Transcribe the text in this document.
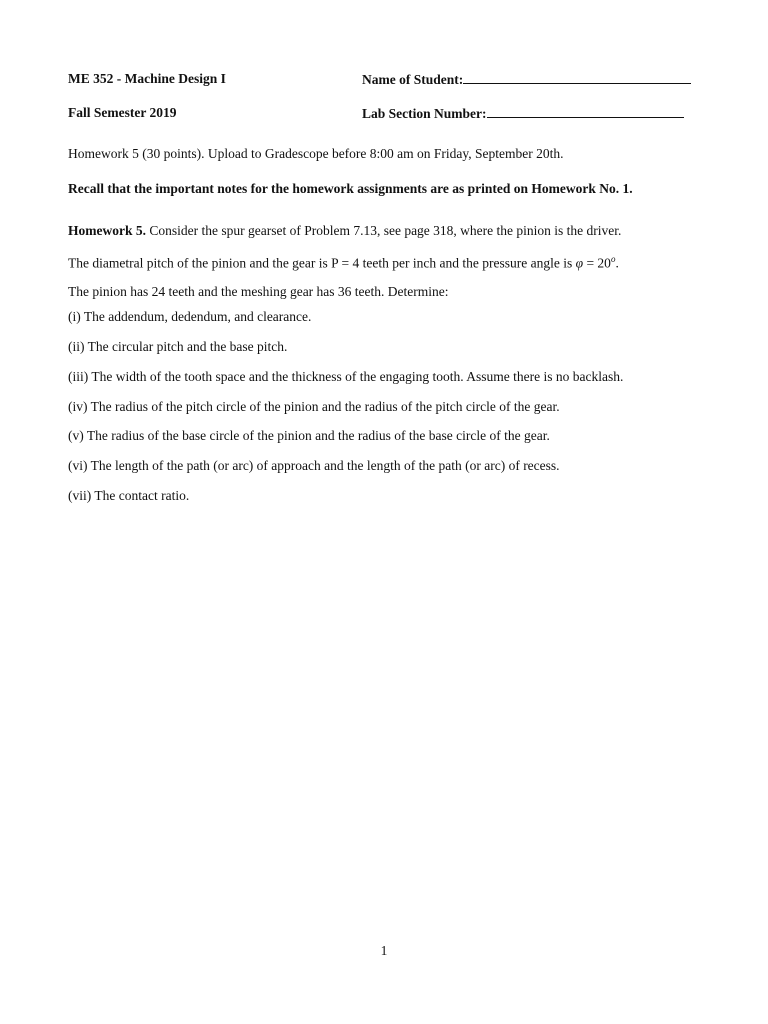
ME 352 - Machine Design I	Name of Student:
Fall Semester 2019	Lab Section Number:
Homework 5 (30 points). Upload to Gradescope before 8:00 am on Friday, September 20th.
Recall that the important notes for the homework assignments are as printed on Homework No. 1.
Homework 5. Consider the spur gearset of Problem 7.13, see page 318, where the pinion is the driver.
The diametral pitch of the pinion and the gear is P = 4 teeth per inch and the pressure angle is $\varphi = 20^o$.
The pinion has 24 teeth and the meshing gear has 36 teeth. Determine:
(i) The addendum, dedendum, and clearance.
(ii) The circular pitch and the base pitch.
(iii) The width of the tooth space and the thickness of the engaging tooth. Assume there is no backlash.
(iv) The radius of the pitch circle of the pinion and the radius of the pitch circle of the gear.
(v) The radius of the base circle of the pinion and the radius of the base circle of the gear.
(vi) The length of the path (or arc) of approach and the length of the path (or arc) of recess.
(vii) The contact ratio.
1
